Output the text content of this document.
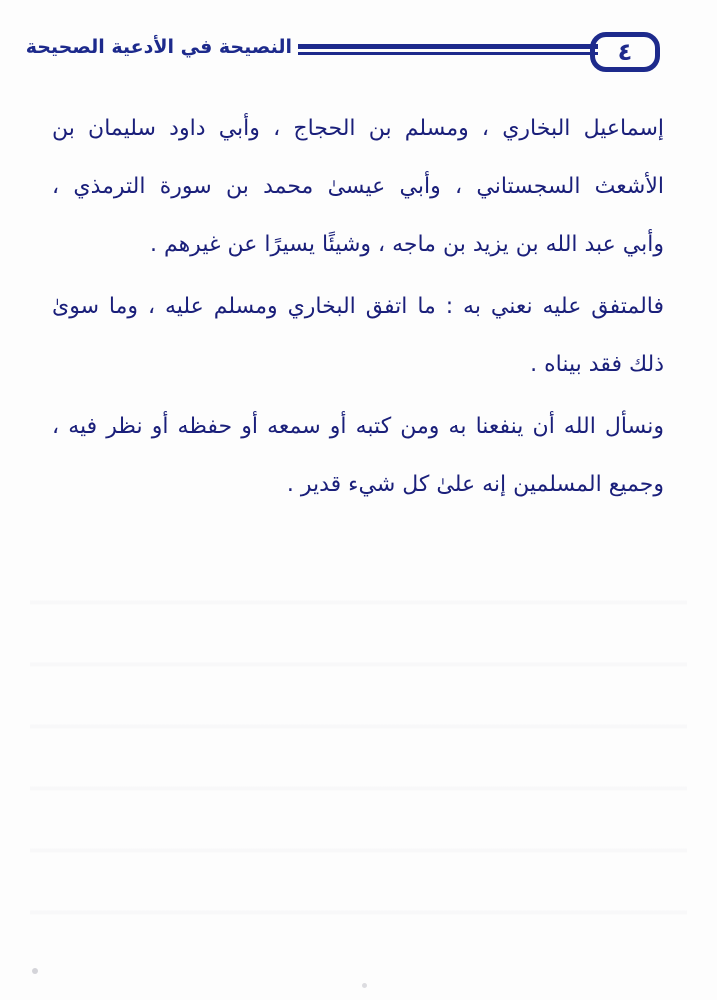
النصيحة في الأدعية الصحيحة	٤
إسماعيل البخاري ، ومسلم بن الحجاج ، وأبي داود سليمان بن
الأشعث السجستاني ، وأبي عيسىٰ محمد بن سورة الترمذي ،
وأبي عبد الله بن يزيد بن ماجه ، وشيئًا يسيرًا عن غيرهم .
فالمتفق عليه نعني به : ما اتفق البخاري ومسلم عليه ، وما سوىٰ
ذلك فقد بيناه .
ونسأل الله أن ينفعنا به ومن كتبه أو سمعه أو حفظه أو نظر فيه ،
وجميع المسلمين إنه علىٰ كل شيء قدير .
